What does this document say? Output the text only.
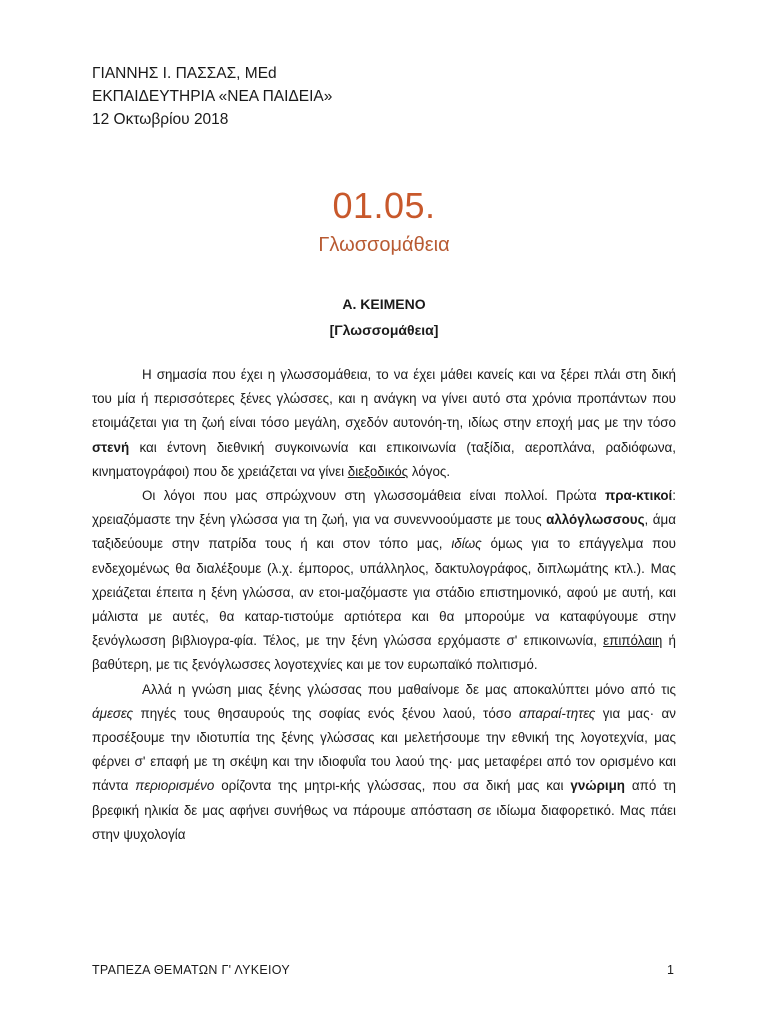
ΓΙΑΝΝΗΣ Ι. ΠΑΣΣΑΣ, MEd
ΕΚΠΑΙΔΕΥΤΗΡΙΑ «ΝΕΑ ΠΑΙΔΕΙΑ»
12 Οκτωβρίου 2018
01.05.
Γλωσσομάθεια
Α. ΚΕΙΜΕΝΟ
[Γλωσσομάθεια]

Η σημασία που έχει η γλωσσομάθεια, το να έχει μάθει κανείς και να ξέρει πλάι στη δική του μία ή περισσότερες ξένες γλώσσες, και η ανάγκη να γίνει αυτό στα χρόνια προπάντων που ετοιμάζεται για τη ζωή είναι τόσο μεγάλη, σχεδόν αυτονόη-τη, ιδίως στην εποχή μας με την τόσο στενή και έντονη διεθνική συγκοινωνία και επικοινωνία (ταξίδια, αεροπλάνα, ραδιόφωνα, κινηματογράφοι) που δε χρειάζεται να γίνει διεξοδικός λόγος.

Οι λόγοι που μας σπρώχνουν στη γλωσσομάθεια είναι πολλοί. Πρώτα πρα-κτικοί: χρειαζόμαστε την ξένη γλώσσα για τη ζωή, για να συνεννοούμαστε με τους αλλόγλωσσους, άμα ταξιδεύουμε στην πατρίδα τους ή και στον τόπο μας, ιδίως όμως για το επάγγελμα που ενδεχομένως θα διαλέξουμε (λ.χ. έμπορος, υπάλληλος, δακτυλογράφος, διπλωμάτης κτλ.). Μας χρειάζεται έπειτα η ξένη γλώσσα, αν ετοι-μαζόμαστε για στάδιο επιστημονικό, αφού με αυτή, και μάλιστα με αυτές, θα καταρ-τιστούμε αρτιότερα και θα μπορούμε να καταφύγουμε στην ξενόγλωσση βιβλιογρα-φία. Τέλος, με την ξένη γλώσσα ερχόμαστε σ' επικοινωνία, επιπόλαιη ή βαθύτερη, με τις ξενόγλωσσες λογοτεχνίες και με τον ευρωπαϊκό πολιτισμό.

Αλλά η γνώση μιας ξένης γλώσσας που μαθαίνομε δε μας αποκαλύπτει μόνο από τις άμεσες πηγές τους θησαυρούς της σοφίας ενός ξένου λαού, τόσο απαραί-τητες για μας· αν προσέξουμε την ιδιοτυπία της ξένης γλώσσας και μελετήσουμε την εθνική της λογοτεχνία, μας φέρνει σ' επαφή με τη σκέψη και την ιδιοφυΐα του λαού της· μας μεταφέρει από τον ορισμένο και πάντα περιορισμένο ορίζοντα της μητρι-κής γλώσσας, που σα δική μας και γνώριμη από τη βρεφική ηλικία δε μας αφήνει συνήθως να πάρουμε απόσταση σε ιδίωμα διαφορετικό. Μας πάει στην ψυχολογία

ΤΡΑΠΕΖΑ ΘΕΜΑΤΩΝ Γ' ΛΥΚΕΙΟΥ	1
